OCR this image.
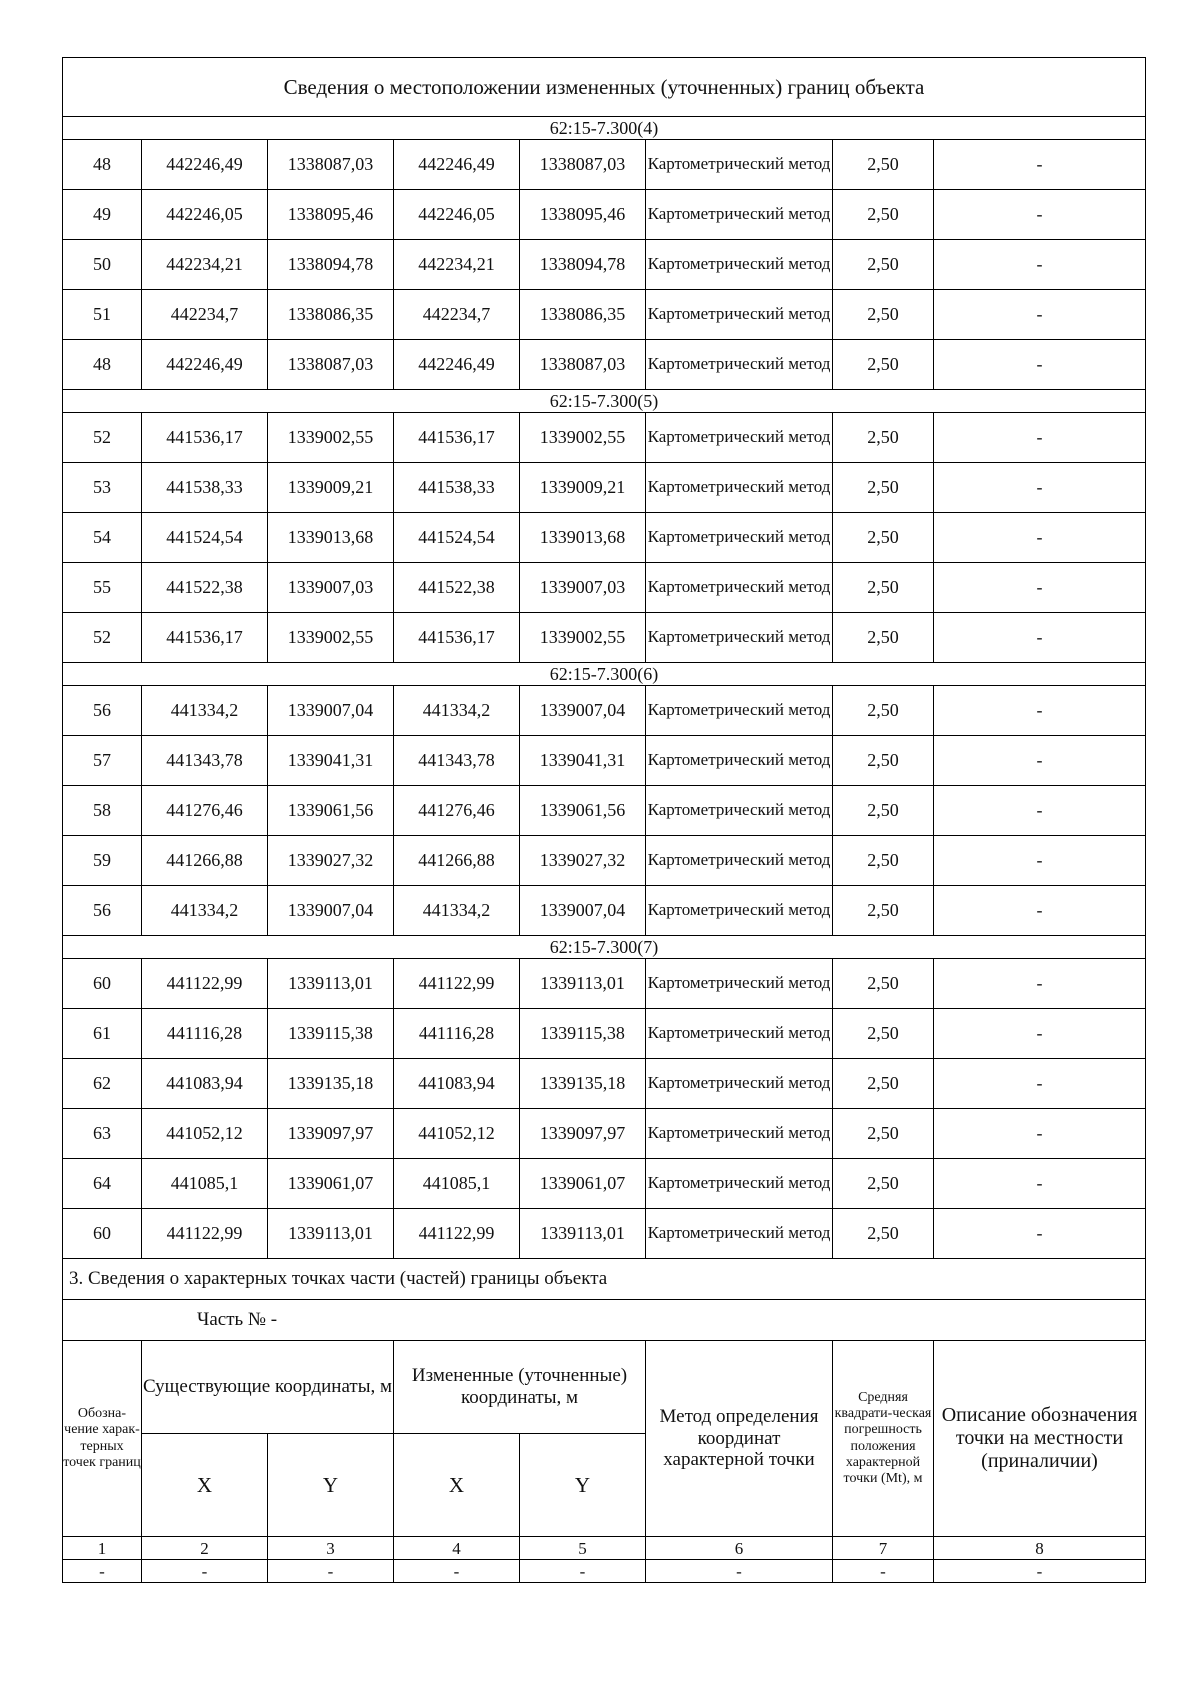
Сведения о местоположении измененных (уточненных) границ объекта							
62:15-7.300(4)							
48	442246,49	1338087,03	442246,49	1338087,03	Картометрический метод	2,50	-
49	442246,05	1338095,46	442246,05	1338095,46	Картометрический метод	2,50	-
50	442234,21	1338094,78	442234,21	1338094,78	Картометрический метод	2,50	-
51	442234,7	1338086,35	442234,7	1338086,35	Картометрический метод	2,50	-
48	442246,49	1338087,03	442246,49	1338087,03	Картометрический метод	2,50	-
62:15-7.300(5)							
52	441536,17	1339002,55	441536,17	1339002,55	Картометрический метод	2,50	-
53	441538,33	1339009,21	441538,33	1339009,21	Картометрический метод	2,50	-
54	441524,54	1339013,68	441524,54	1339013,68	Картометрический метод	2,50	-
55	441522,38	1339007,03	441522,38	1339007,03	Картометрический метод	2,50	-
52	441536,17	1339002,55	441536,17	1339002,55	Картометрический метод	2,50	-
62:15-7.300(6)							
56	441334,2	1339007,04	441334,2	1339007,04	Картометрический метод	2,50	-
57	441343,78	1339041,31	441343,78	1339041,31	Картометрический метод	2,50	-
58	441276,46	1339061,56	441276,46	1339061,56	Картометрический метод	2,50	-
59	441266,88	1339027,32	441266,88	1339027,32	Картометрический метод	2,50	-
56	441334,2	1339007,04	441334,2	1339007,04	Картометрический метод	2,50	-
62:15-7.300(7)							
60	441122,99	1339113,01	441122,99	1339113,01	Картометрический метод	2,50	-
61	441116,28	1339115,38	441116,28	1339115,38	Картометрический метод	2,50	-
62	441083,94	1339135,18	441083,94	1339135,18	Картометрический метод	2,50	-
63	441052,12	1339097,97	441052,12	1339097,97	Картометрический метод	2,50	-
64	441085,1	1339061,07	441085,1	1339061,07	Картометрический метод	2,50	-
60	441122,99	1339113,01	441122,99	1339113,01	Картометрический метод	2,50	-
3. Сведения о характерных точках части (частей) границы объекта							
Часть № -							
Обозна-чение харак-терных точек границ	Существующие координаты, м		Измененные (уточненные) координаты, м		Метод определения координат характерной точки	Средняя квадрати-ческая погрешность положения характерной точки (Mt), м	Описание обозначения точки на местности (приналичии)
	X	Y	X	Y			
1	2	3	4	5	6	7	8
-	-	-	-	-	-	-	-
